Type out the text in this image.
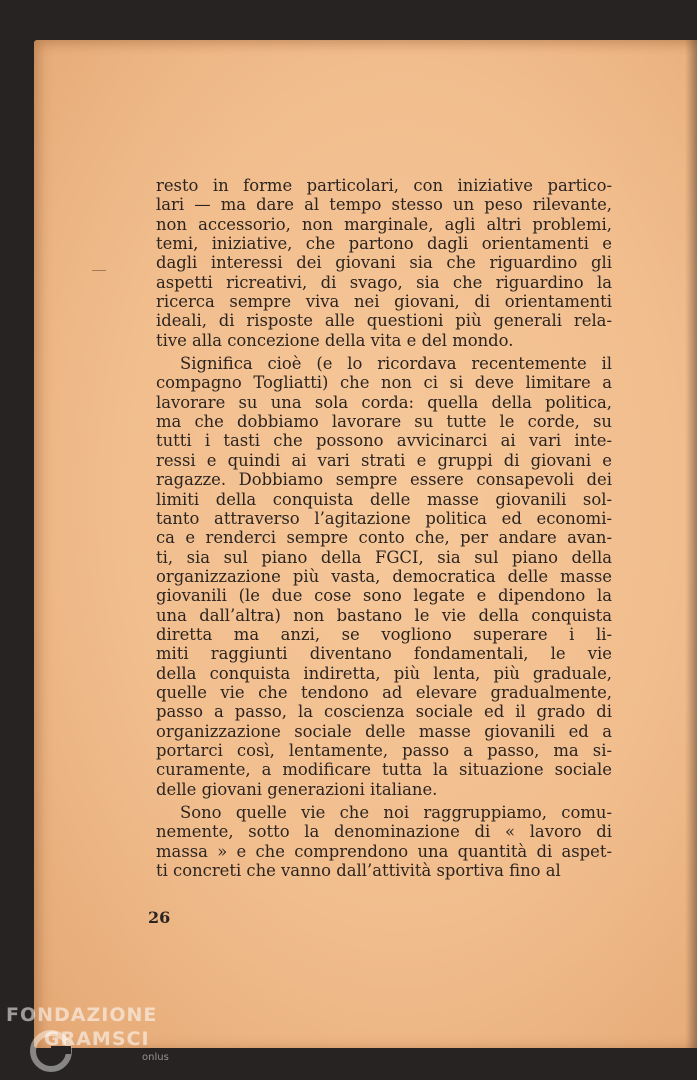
resto in forme particolari, con iniziative partico-
lari — ma dare al tempo stesso un peso rilevante,
non accessorio, non marginale, agli altri problemi,
temi, iniziative, che partono dagli orientamenti e
dagli interessi dei giovani sia che riguardino gli
aspetti ricreativi, di svago, sia che riguardino la
ricerca sempre viva nei giovani, di orientamenti
ideali, di risposte alle questioni più generali rela-
tive alla concezione della vita e del mondo.
Significa cioè (e lo ricordava recentemente il
compagno Togliatti) che non ci si deve limitare a
lavorare su una sola corda: quella della politica,
ma che dobbiamo lavorare su tutte le corde, su
tutti i tasti che possono avvicinarci ai vari inte-
ressi e quindi ai vari strati e gruppi di giovani e
ragazze. Dobbiamo sempre essere consapevoli dei
limiti della conquista delle masse giovanili sol-
tanto attraverso l’agitazione politica ed economi-
ca e renderci sempre conto che, per andare avan-
ti, sia sul piano della FGCI, sia sul piano della
organizzazione più vasta, democratica delle masse
giovanili (le due cose sono legate e dipendono la
una dall’altra) non bastano le vie della conquista
diretta ma anzi, se vogliono superare i li-
miti raggiunti diventano fondamentali, le vie
della conquista indiretta, più lenta, più graduale,
quelle vie che tendono ad elevare gradualmente,
passo a passo, la coscienza sociale ed il grado di
organizzazione sociale delle masse giovanili ed a
portarci così, lentamente, passo a passo, ma si-
curamente, a modificare tutta la situazione sociale
delle giovani generazioni italiane.
Sono quelle vie che noi raggruppiamo, comu-
nemente, sotto la denominazione di « lavoro di
massa » e che comprendono una quantità di aspet-
ti concreti che vanno dall’attività sportiva fino al
26
FONDAZIONE
GRAMSCI
onlus
